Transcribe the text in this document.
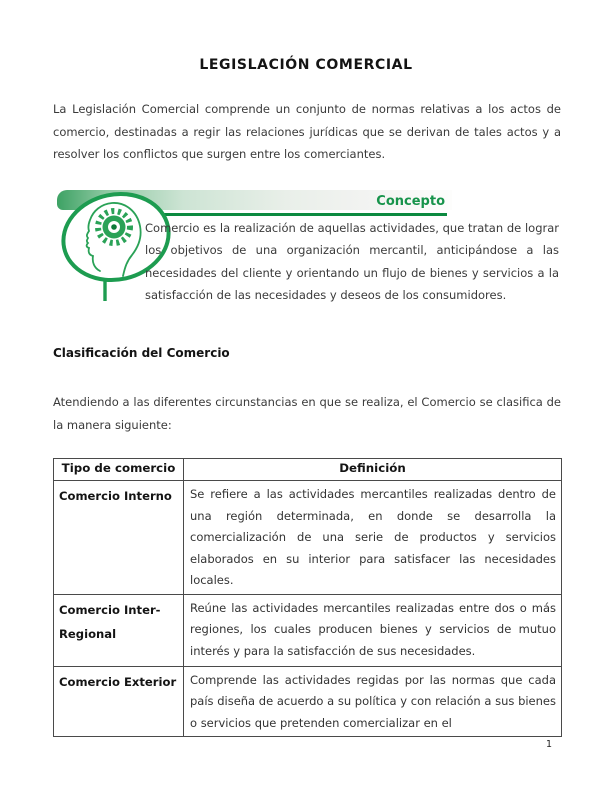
LEGISLACIÓN COMERCIAL

La Legislación Comercial comprende un conjunto de normas relativas a los actos de comercio, destinadas a regir las relaciones jurídicas que se derivan de tales actos y a resolver los conflictos que surgen entre los comerciantes.

Concepto

Comercio es la realización de aquellas actividades, que tratan de lograr los objetivos de una organización mercantil, anticipándose a las necesidades del cliente y orientando un flujo de bienes y servicios a la satisfacción de las necesidades y deseos de los consumidores.

Clasificación del Comercio

Atendiendo a las diferentes circunstancias en que se realiza, el Comercio se clasifica de la manera siguiente:

Tipo de comercio	Definición
Comercio Interno	Se refiere a las actividades mercantiles realizadas dentro de una región determinada, en donde se desarrolla la comercialización de una serie de productos y servicios elaborados en su interior para satisfacer las necesidades locales.
Comercio Inter-Regional	Reúne las actividades mercantiles realizadas entre dos o más regiones, los cuales producen bienes y servicios de mutuo interés y para la satisfacción de sus necesidades.
Comercio Exterior	Comprende las actividades regidas por las normas que cada país diseña de acuerdo a su política y con relación a sus bienes o servicios que pretenden comercializar en el
1
